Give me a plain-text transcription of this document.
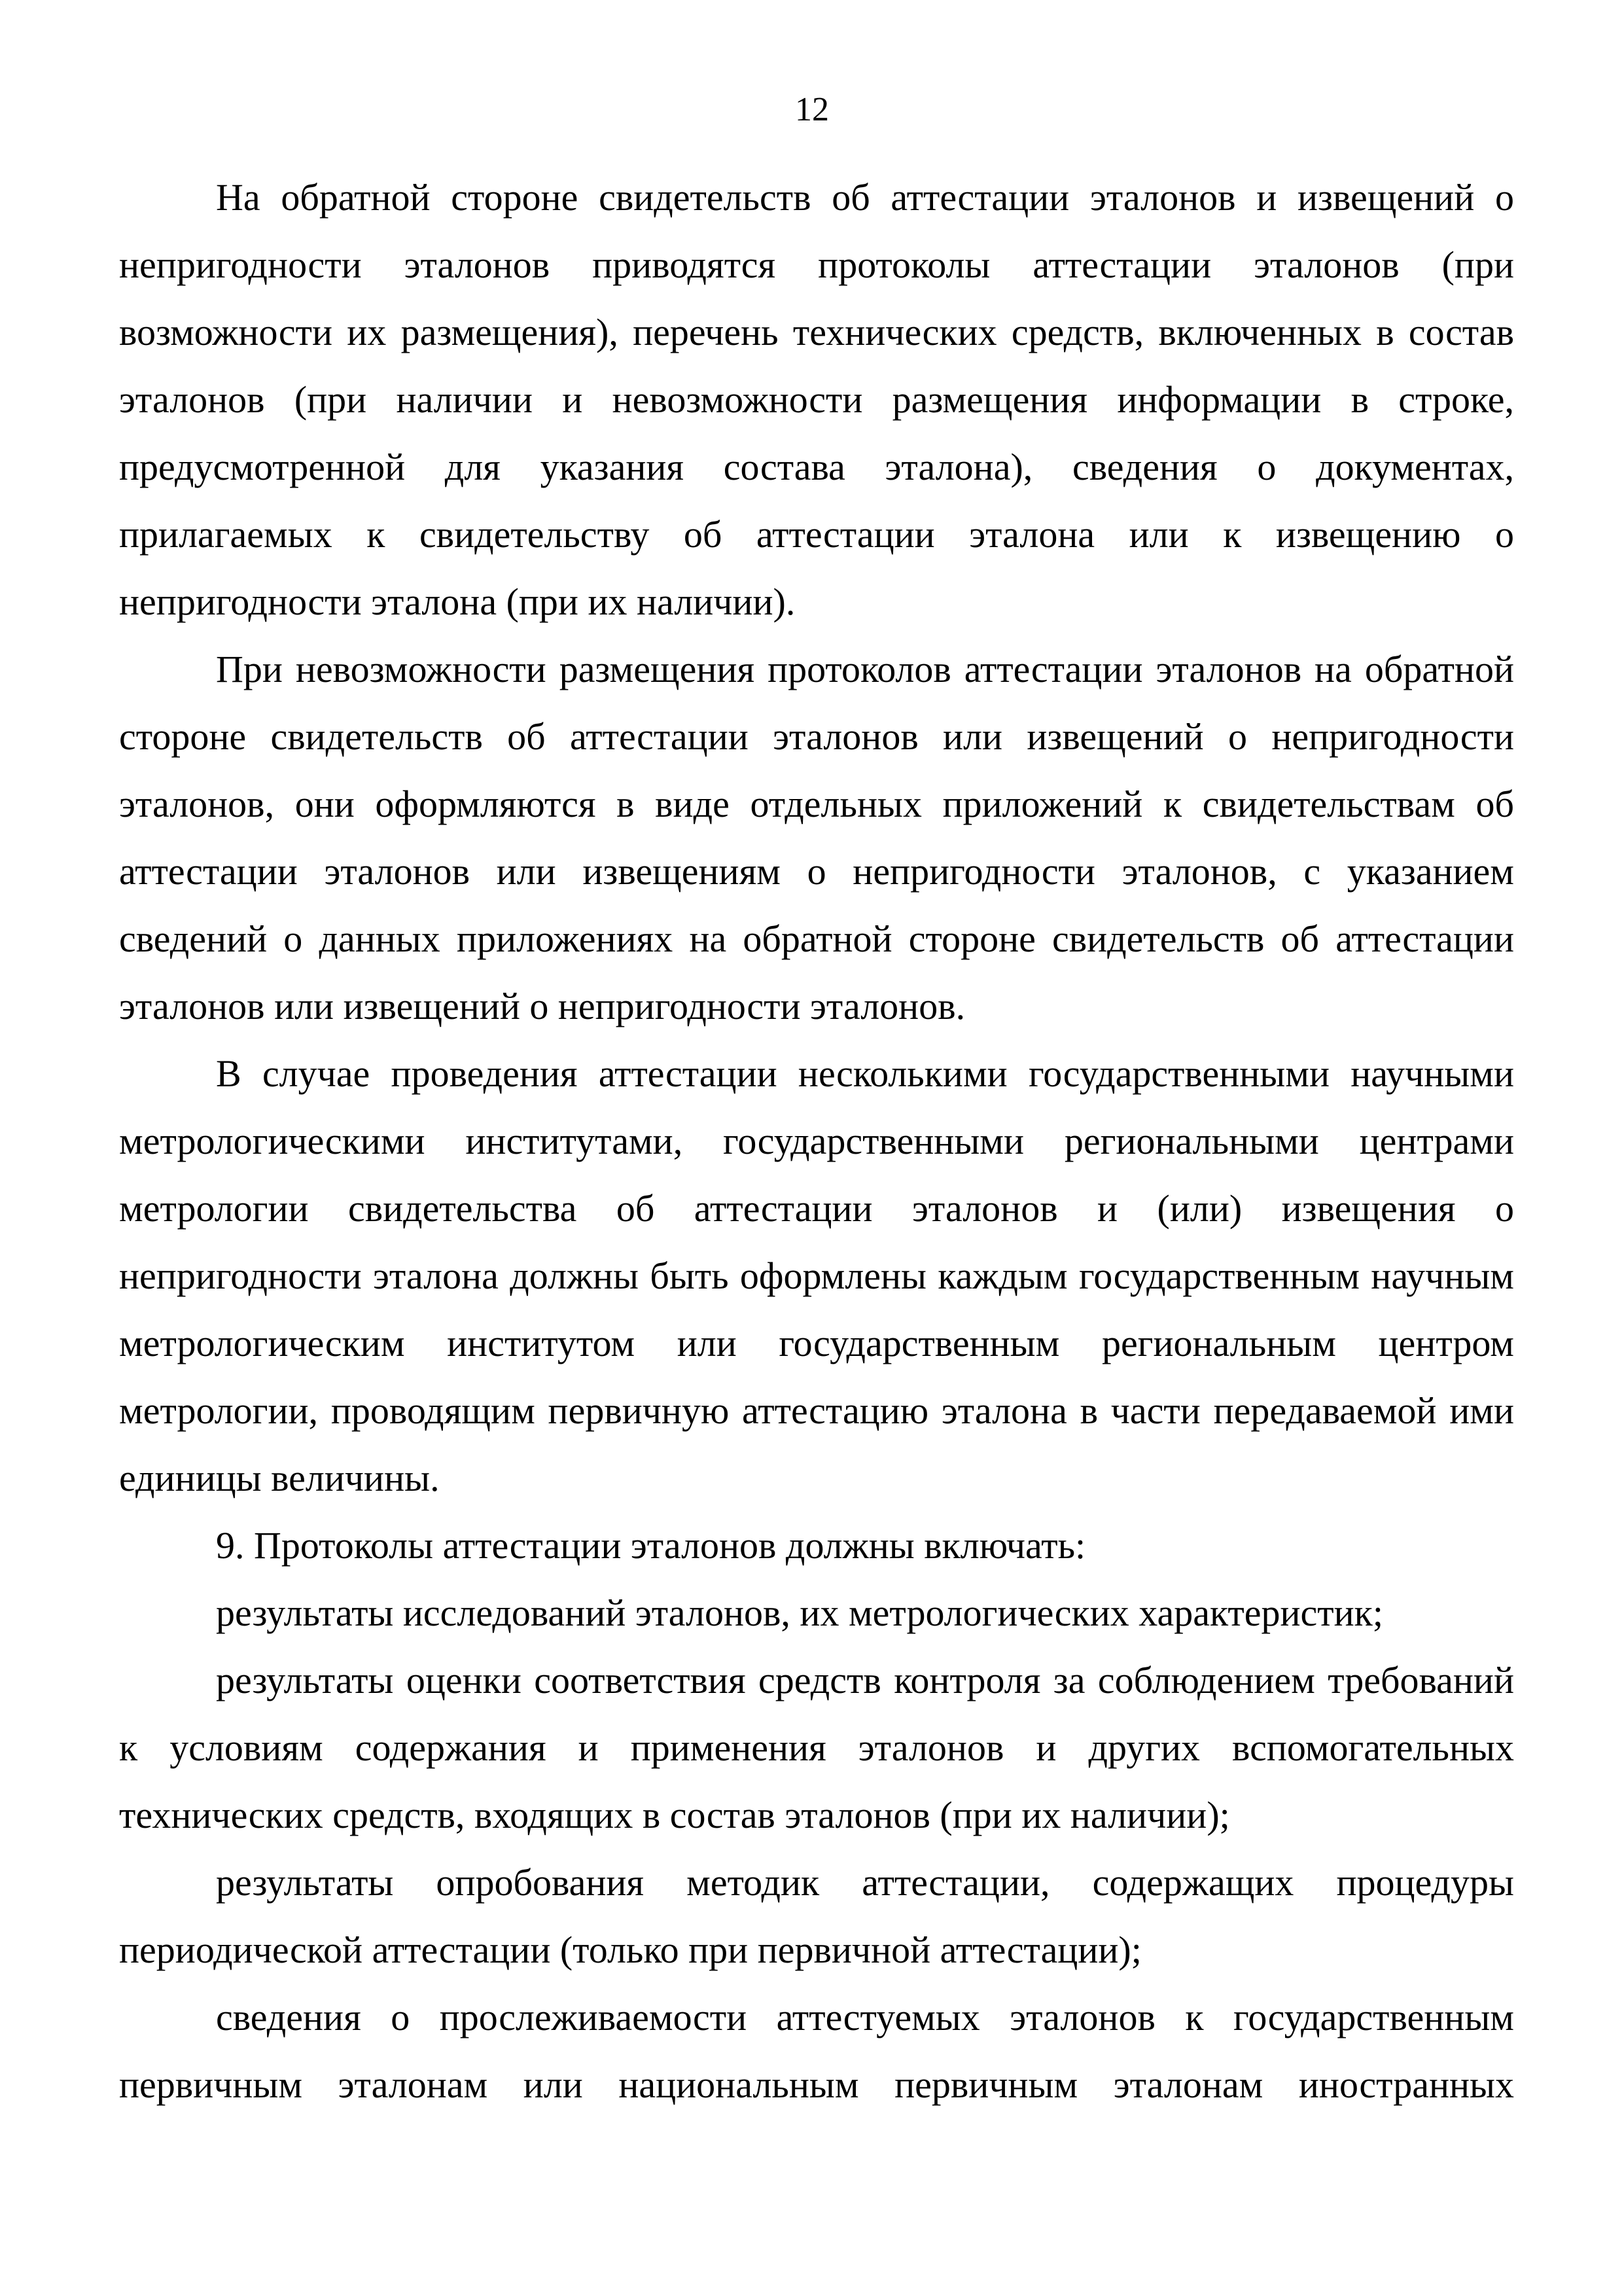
12

На обратной стороне свидетельств об аттестации эталонов и извещений о непригодности эталонов приводятся протоколы аттестации эталонов (при возможности их размещения), перечень технических средств, включенных в состав эталонов (при наличии и невозможности размещения информации в строке, предусмотренной для указания состава эталона), сведения о документах, прилагаемых к свидетельству об аттестации эталона или к извещению о непригодности эталона (при их наличии).

При невозможности размещения протоколов аттестации эталонов на обратной стороне свидетельств об аттестации эталонов или извещений о непригодности эталонов, они оформляются в виде отдельных приложений к свидетельствам об аттестации эталонов или извещениям о непригодности эталонов, с указанием сведений о данных приложениях на обратной стороне свидетельств об аттестации эталонов или извещений о непригодности эталонов.

В случае проведения аттестации несколькими государственными научными метрологическими институтами, государственными региональными центрами метрологии свидетельства об аттестации эталонов и (или) извещения о непригодности эталона должны быть оформлены каждым государственным научным метрологическим институтом или государственным региональным центром метрологии, проводящим первичную аттестацию эталона в части передаваемой ими единицы величины.

9. Протоколы аттестации эталонов должны включать:

результаты исследований эталонов, их метрологических характеристик;

результаты оценки соответствия средств контроля за соблюдением требований к условиям содержания и применения эталонов и других вспомогательных технических средств, входящих в состав эталонов (при их наличии);

результаты опробования методик аттестации, содержащих процедуры периодической аттестации (только при первичной аттестации);

сведения о прослеживаемости аттестуемых эталонов к государственным первичным эталонам или национальным первичным эталонам иностранных
